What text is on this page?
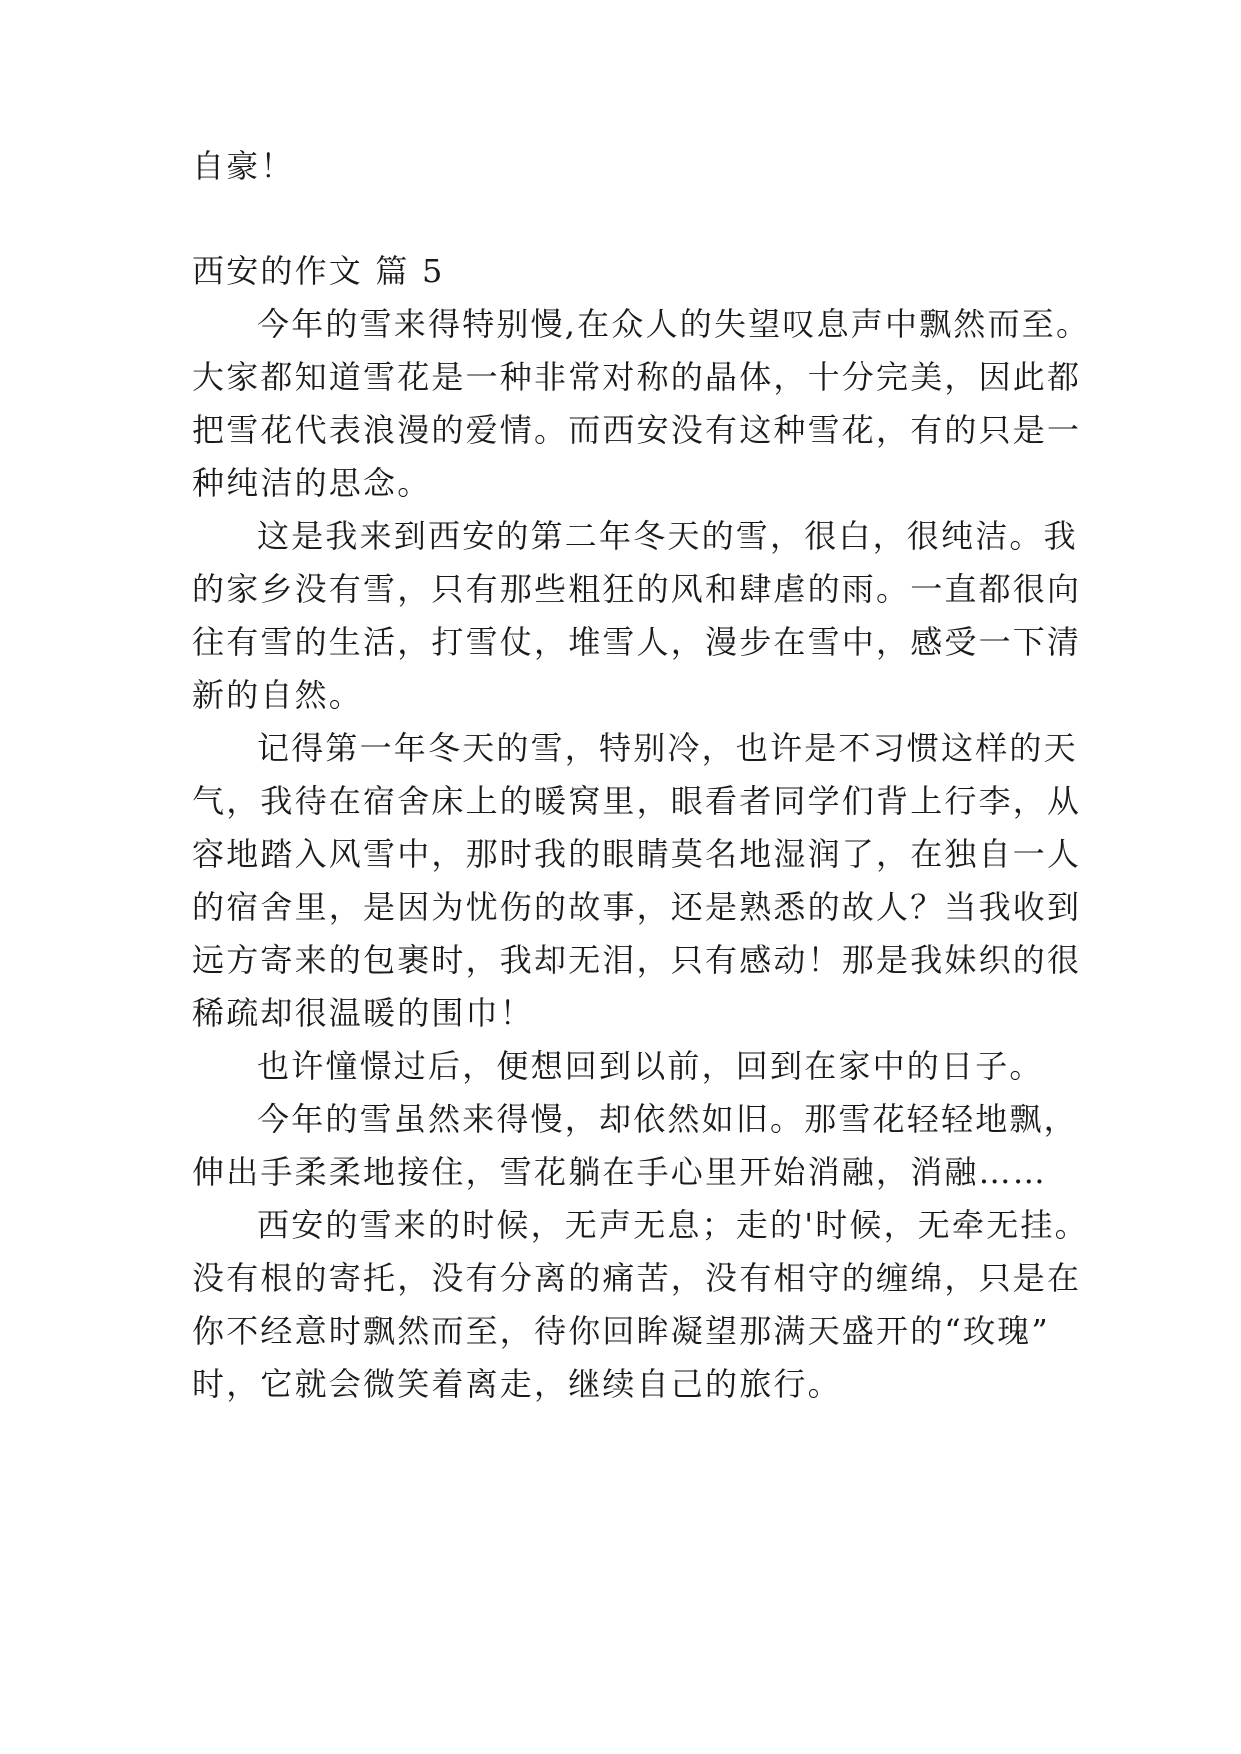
自豪！
西安的作文 篇 5
今年的雪来得特别慢,在众人的失望叹息声中飘然而至。
大家都知道雪花是一种非常对称的晶体，十分完美，因此都
把雪花代表浪漫的爱情。而西安没有这种雪花，有的只是一
种纯洁的思念。
这是我来到西安的第二年冬天的雪，很白，很纯洁。我
的家乡没有雪，只有那些粗狂的风和肆虐的雨。一直都很向
往有雪的生活，打雪仗，堆雪人，漫步在雪中，感受一下清
新的自然。
记得第一年冬天的雪，特别冷，也许是不习惯这样的天
气，我待在宿舍床上的暖窝里，眼看者同学们背上行李，从
容地踏入风雪中，那时我的眼睛莫名地湿润了，在独自一人
的宿舍里，是因为忧伤的故事，还是熟悉的故人？当我收到
远方寄来的包裹时，我却无泪，只有感动！那是我妹织的很
稀疏却很温暖的围巾！
也许憧憬过后，便想回到以前，回到在家中的日子。
今年的雪虽然来得慢，却依然如旧。那雪花轻轻地飘，
伸出手柔柔地接住，雪花躺在手心里开始消融，消融……
西安的雪来的时候，无声无息；走的'时候，无牵无挂。
没有根的寄托，没有分离的痛苦，没有相守的缠绵，只是在
你不经意时飘然而至，待你回眸凝望那满天盛开的“玫瑰”
时，它就会微笑着离走，继续自己的旅行。
